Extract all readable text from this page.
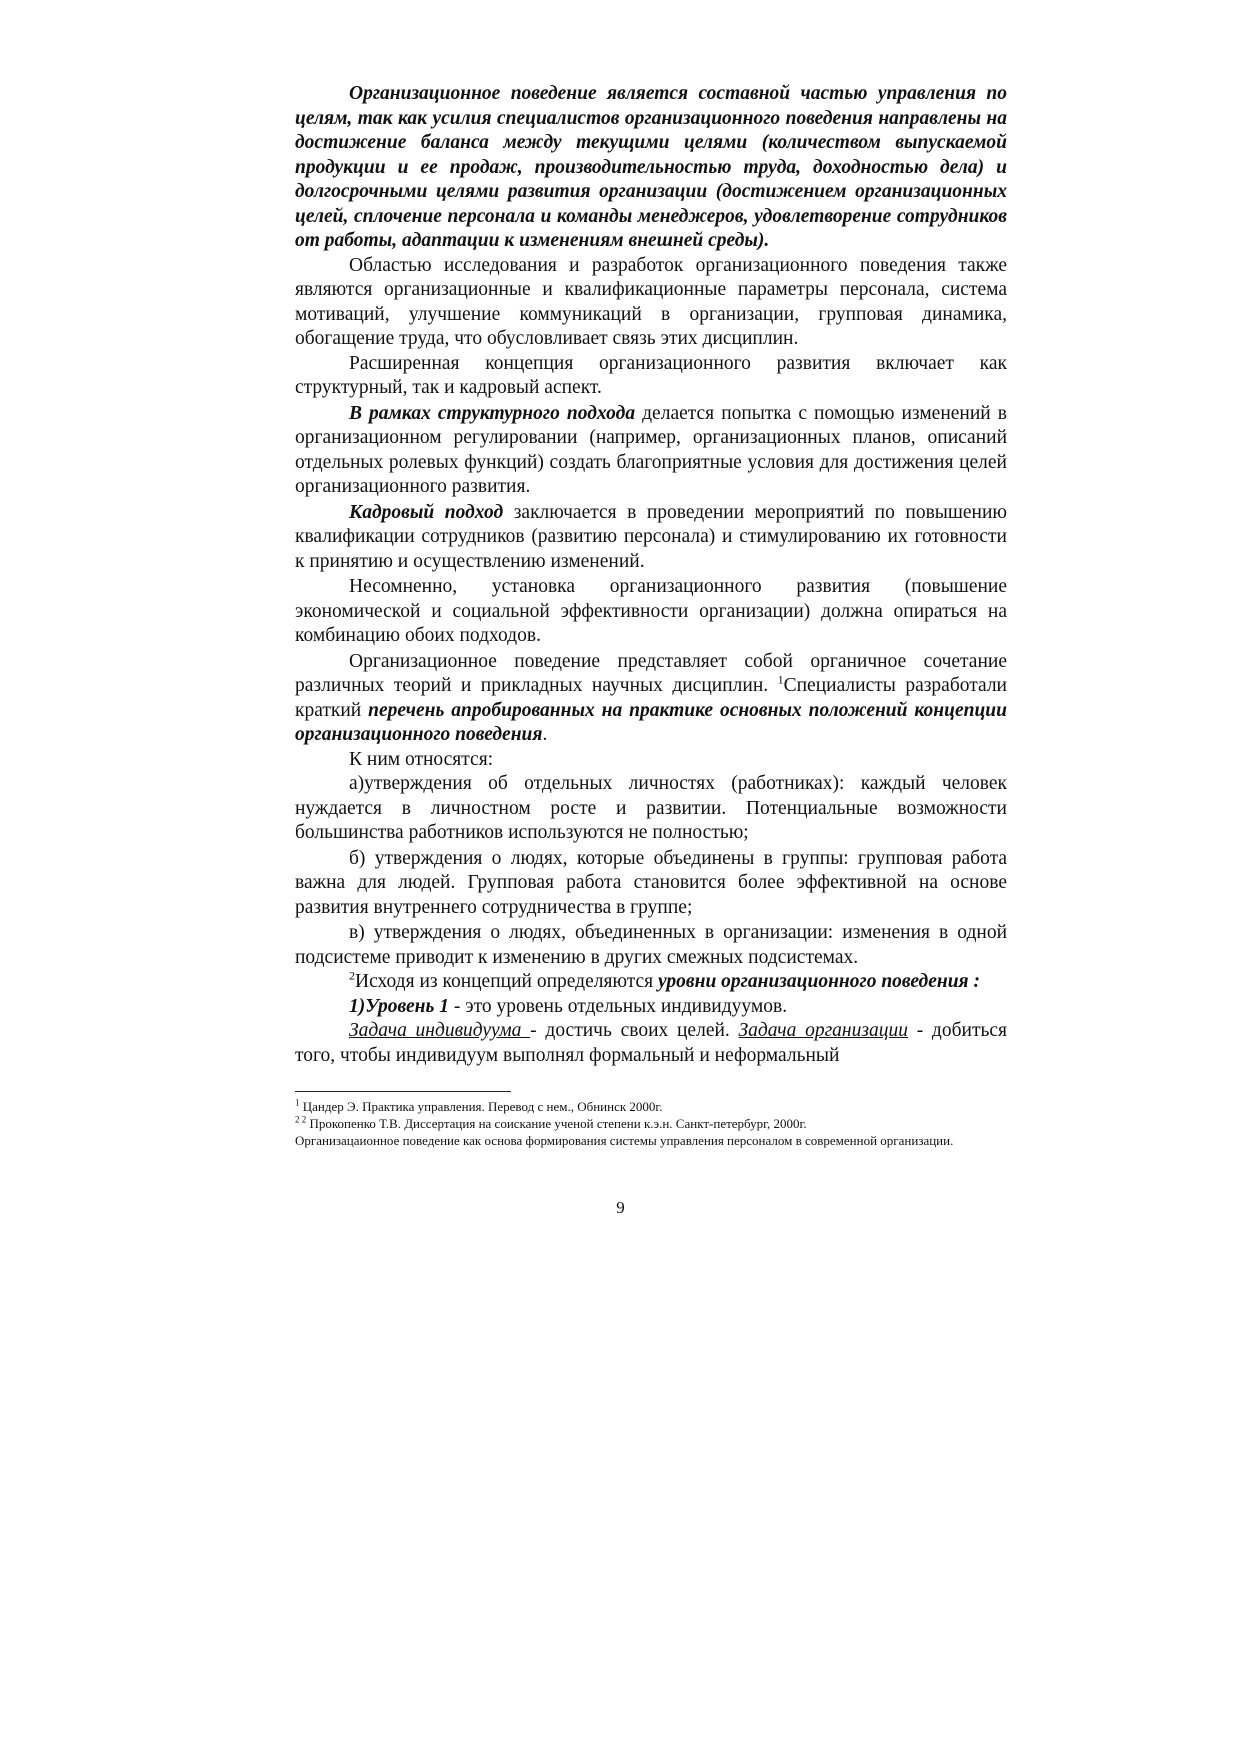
Организационное поведение является составной частью управления по целям, так как усилия специалистов организационного поведения направлены на достижение баланса между текущими целями (количеством выпускаемой продукции и ее продаж, производительностью труда, доходностью дела) и долгосрочными целями развития организации (достижением организационных целей, сплочение персонала и команды менеджеров, удовлетворение сотрудников от работы, адаптации к изменениям внешней среды).

Областью исследования и разработок организационного поведения также являются организационные и квалификационные параметры персонала, система мотиваций, улучшение коммуникаций в организации, групповая динамика, обогащение труда, что обусловливает связь этих дисциплин.

Расширенная концепция организационного развития включает как структурный, так и кадровый аспект.

В рамках структурного подхода делается попытка с помощью изменений в организационном регулировании (например, организационных планов, описаний отдельных ролевых функций) создать благоприятные условия для достижения целей организационного развития.

Кадровый подход заключается в проведении мероприятий по повышению квалификации сотрудников (развитию персонала) и стимулированию их готовности к принятию и осуществлению изменений.

Несомненно, установка организационного развития (повышение экономической и социальной эффективности организации) должна опираться на комбинацию обоих подходов.

Организационное поведение представляет собой органичное сочетание различных теорий и прикладных научных дисциплин. $^1$Специалисты разработали краткий перечень апробированных на практике основных положений концепции организационного поведения.

К ним относятся:

а)утверждения об отдельных личностях (работниках): каждый человек нуждается в личностном росте и развитии. Потенциальные возможности большинства работников используются не полностью;

б) утверждения о людях, которые объединены в группы: групповая работа важна для людей. Групповая работа становится более эффективной на основе развития внутреннего сотрудничества в группе;

в) утверждения о людях, объединенных в организации: изменения в одной подсистеме приводит к изменению в других смежных подсистемах.

$^2$Исходя из концепций определяются уровни организационного поведения :

1)Уровень 1 - это уровень отдельных индивидуумов.

Задача индивидуума - достичь своих целей. Задача организации - добиться того, чтобы индивидуум выполнял формальный и неформальный

$^1$ Цандер Э. Практика управления. Перевод с нем., Обнинск 2000г.
$^{2 2}$ Прокопенко Т.В. Диссертация на соискание ученой степени к.э.н. Санкт-петербург, 2000г.
Организацаионное поведение как основа формирования системы управления персоналом в современной организации.
9
